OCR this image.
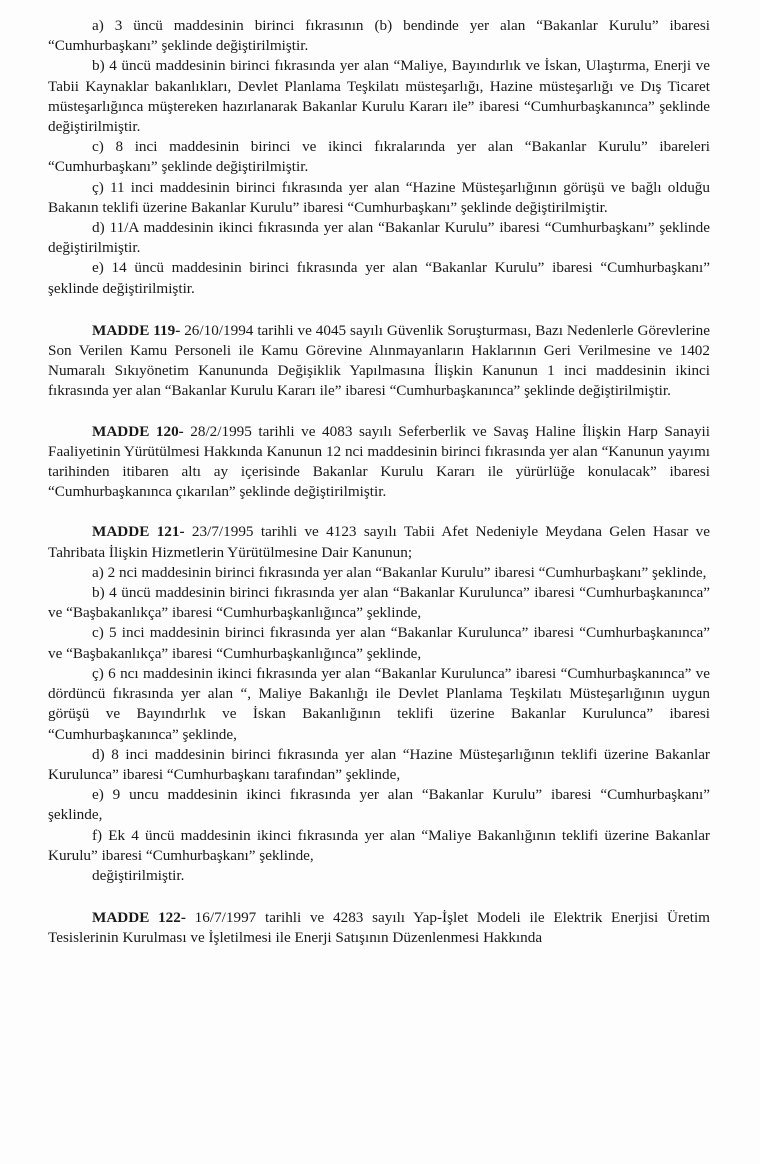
a) 3 üncü maddesinin birinci fıkrasının (b) bendinde yer alan “Bakanlar Kurulu” ibaresi “Cumhurbaşkanı” şeklinde değiştirilmiştir.

b) 4 üncü maddesinin birinci fıkrasında yer alan “Maliye, Bayındırlık ve İskan, Ulaştırma, Enerji ve Tabii Kaynaklar bakanlıkları, Devlet Planlama Teşkilatı müsteşarlığı, Hazine müsteşarlığı ve Dış Ticaret müsteşarlığınca müştereken hazırlanarak Bakanlar Kurulu Kararı ile” ibaresi “Cumhurbaşkanınca” şeklinde değiştirilmiştir.

c) 8 inci maddesinin birinci ve ikinci fıkralarında yer alan “Bakanlar Kurulu” ibareleri “Cumhurbaşkanı” şeklinde değiştirilmiştir.

ç) 11 inci maddesinin birinci fıkrasında yer alan “Hazine Müsteşarlığının görüşü ve bağlı olduğu Bakanın teklifi üzerine Bakanlar Kurulu” ibaresi “Cumhurbaşkanı” şeklinde değiştirilmiştir.

d) 11/A maddesinin ikinci fıkrasında yer alan “Bakanlar Kurulu” ibaresi “Cumhurbaşkanı” şeklinde değiştirilmiştir.

e) 14 üncü maddesinin birinci fıkrasında yer alan “Bakanlar Kurulu” ibaresi “Cumhurbaşkanı” şeklinde değiştirilmiştir.

MADDE 119- 26/10/1994 tarihli ve 4045 sayılı Güvenlik Soruşturması, Bazı Nedenlerle Görevlerine Son Verilen Kamu Personeli ile Kamu Görevine Alınmayanların Haklarının Geri Verilmesine ve 1402 Numaralı Sıkıyönetim Kanununda Değişiklik Yapılmasına İlişkin Kanunun 1 inci maddesinin ikinci fıkrasında yer alan “Bakanlar Kurulu Kararı ile” ibaresi “Cumhurbaşkanınca” şeklinde değiştirilmiştir.

MADDE 120- 28/2/1995 tarihli ve 4083 sayılı Seferberlik ve Savaş Haline İlişkin Harp Sanayii Faaliyetinin Yürütülmesi Hakkında Kanunun 12 nci maddesinin birinci fıkrasında yer alan “Kanunun yayımı tarihinden itibaren altı ay içerisinde Bakanlar Kurulu Kararı ile yürürlüğe konulacak” ibaresi “Cumhurbaşkanınca çıkarılan” şeklinde değiştirilmiştir.

MADDE 121- 23/7/1995 tarihli ve 4123 sayılı Tabii Afet Nedeniyle Meydana Gelen Hasar ve Tahribata İlişkin Hizmetlerin Yürütülmesine Dair Kanunun;

a) 2 nci maddesinin birinci fıkrasında yer alan “Bakanlar Kurulu” ibaresi “Cumhurbaşkanı” şeklinde,

b) 4 üncü maddesinin birinci fıkrasında yer alan “Bakanlar Kurulunca” ibaresi “Cumhurbaşkanınca” ve “Başbakanlıkça” ibaresi “Cumhurbaşkanlığınca” şeklinde,

c) 5 inci maddesinin birinci fıkrasında yer alan “Bakanlar Kurulunca” ibaresi “Cumhurbaşkanınca” ve “Başbakanlıkça” ibaresi “Cumhurbaşkanlığınca” şeklinde,

ç) 6 ncı maddesinin ikinci fıkrasında yer alan “Bakanlar Kurulunca” ibaresi “Cumhurbaşkanınca” ve dördüncü fıkrasında yer alan “, Maliye Bakanlığı ile Devlet Planlama Teşkilatı Müsteşarlığının uygun görüşü ve Bayındırlık ve İskan Bakanlığının teklifi üzerine Bakanlar Kurulunca” ibaresi “Cumhurbaşkanınca” şeklinde,

d) 8 inci maddesinin birinci fıkrasında yer alan “Hazine Müsteşarlığının teklifi üzerine Bakanlar Kurulunca” ibaresi “Cumhurbaşkanı tarafından” şeklinde,

e) 9 uncu maddesinin ikinci fıkrasında yer alan “Bakanlar Kurulu” ibaresi “Cumhurbaşkanı” şeklinde,

f) Ek 4 üncü maddesinin ikinci fıkrasında yer alan “Maliye Bakanlığının teklifi üzerine Bakanlar Kurulu” ibaresi “Cumhurbaşkanı” şeklinde,

değiştirilmiştir.

MADDE 122- 16/7/1997 tarihli ve 4283 sayılı Yap-İşlet Modeli ile Elektrik Enerjisi Üretim Tesislerinin Kurulması ve İşletilmesi ile Enerji Satışının Düzenlenmesi Hakkında
